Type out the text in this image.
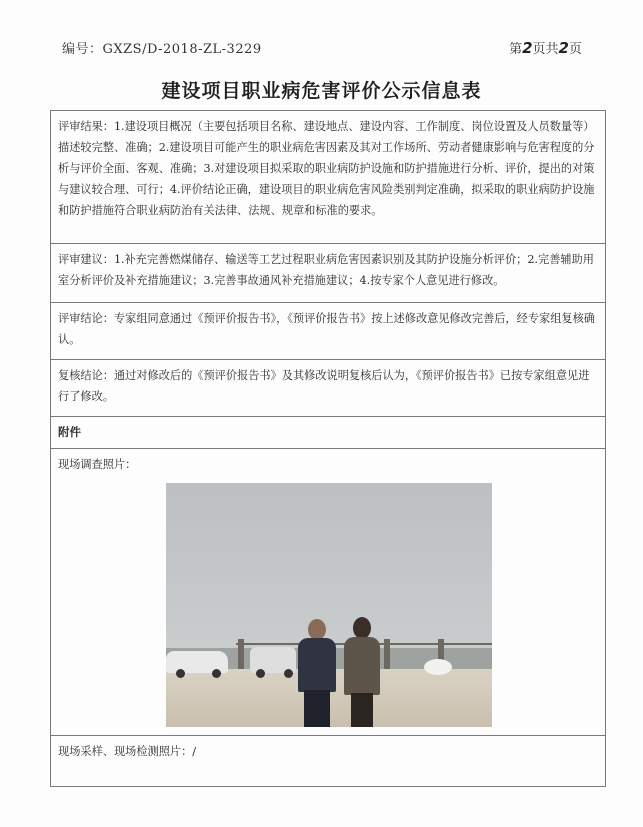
编号：GXZS/D-2018-ZL-3229	第2页共2页
建设项目职业病危害评价公示信息表
评审结果：1.建设项目概况（主要包括项目名称、建设地点、建设内容、工作制度、岗位设置及人员数量等）描述较完整、准确；2.建设项目可能产生的职业病危害因素及其对工作场所、劳动者健康影响与危害程度的分析与评价全面、客观、准确；3.对建设项目拟采取的职业病防护设施和防护措施进行分析、评价，提出的对策与建议较合理、可行；4.评价结论正确，建设项目的职业病危害风险类别判定准确，拟采取的职业病防护设施和防护措施符合职业病防治有关法律、法规、规章和标准的要求。
评审建议：1.补充完善燃煤储存、输送等工艺过程职业病危害因素识别及其防护设施分析评价；2.完善辅助用室分析评价及补充措施建议；3.完善事故通风补充措施建议；4.按专家个人意见进行修改。
评审结论：专家组同意通过《预评价报告书》，《预评价报告书》按上述修改意见修改完善后，经专家组复核确认。
复核结论：通过对修改后的《预评价报告书》及其修改说明复核后认为，《预评价报告书》已按专家组意见进行了修改。
附件

现场调查照片：

现场采样、现场检测照片：/
